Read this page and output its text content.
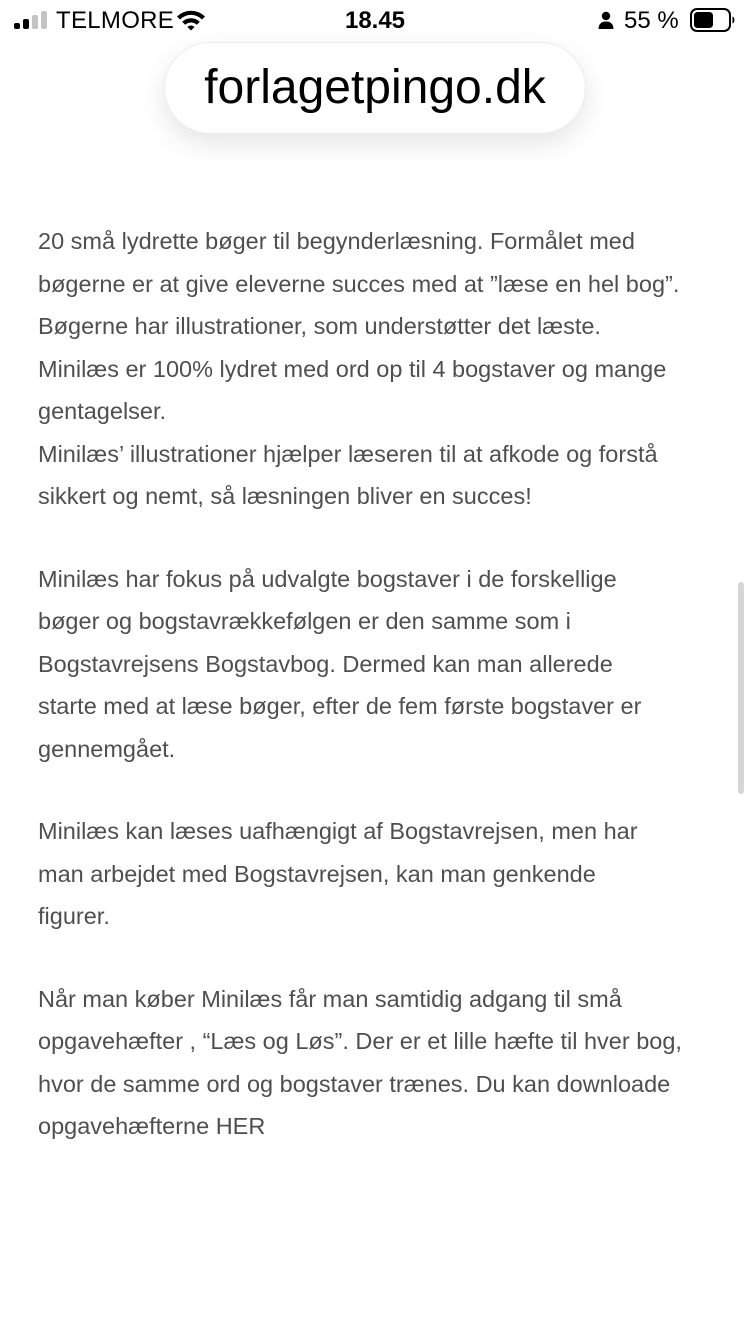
TELMORE	18.45	55 %
forlagetpingo.dk

20 små lydrette bøger til begynderlæsning. Formålet med
bøgerne er at give eleverne succes med at ”læse en hel bog”.
Bøgerne har illustrationer, som understøtter det læste.
Minilæs er 100% lydret med ord op til 4 bogstaver og mange
gentagelser.
Minilæs’ illustrationer hjælper læseren til at afkode og forstå
sikkert og nemt, så læsningen bliver en succes!

Minilæs har fokus på udvalgte bogstaver i de forskellige
bøger og bogstavrækkefølgen er den samme som i
Bogstavrejsens Bogstavbog. Dermed kan man allerede
starte med at læse bøger, efter de fem første bogstaver er
gennemgået.

Minilæs kan læses uafhængigt af Bogstavrejsen, men har
man arbejdet med Bogstavrejsen, kan man genkende
figurer.

Når man køber Minilæs får man samtidig adgang til små
opgavehæfter , “Læs og Løs”. Der er et lille hæfte til hver bog,
hvor de samme ord og bogstaver trænes. Du kan downloade
opgavehæfterne HER
